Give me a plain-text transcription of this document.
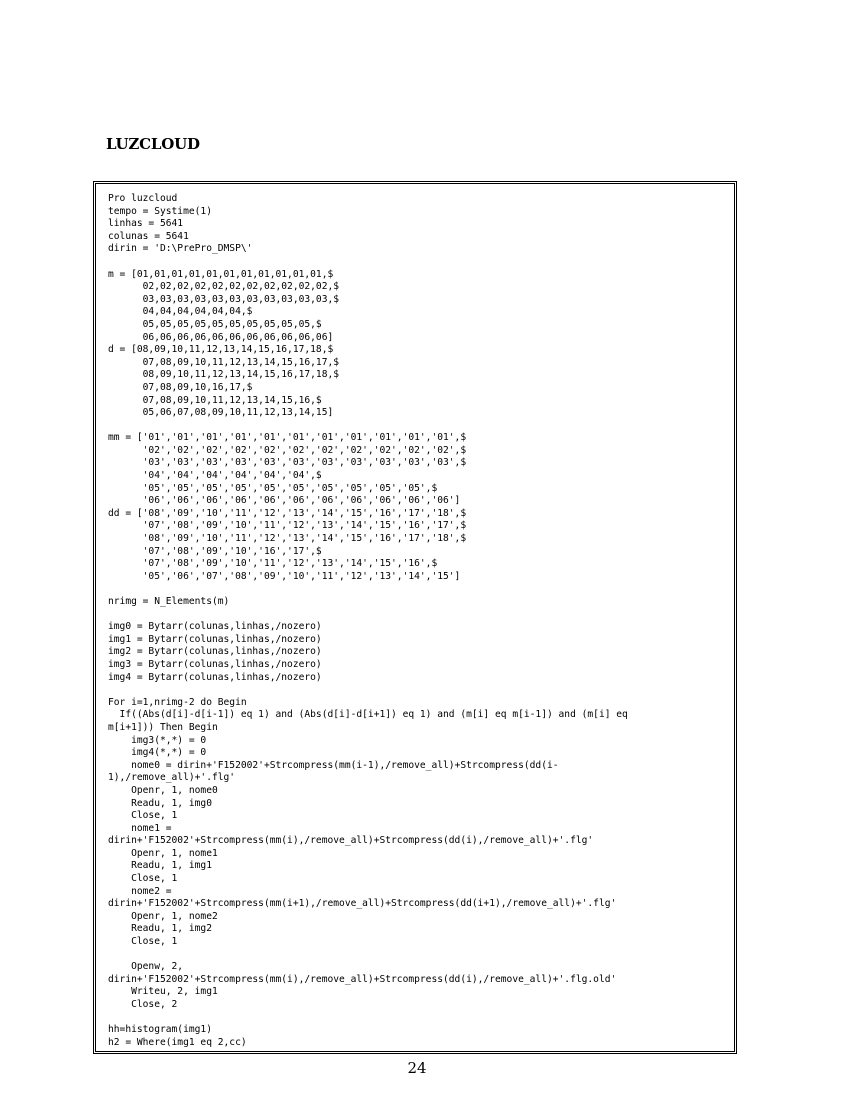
LUZCLOUD
Pro luzcloud
tempo = Systime(1)
linhas = 5641
colunas = 5641
dirin = 'D:\PrePro_DMSP\'
m = [01,01,01,01,01,01,01,01,01,01,01,$
02,02,02,02,02,02,02,02,02,02,02,$
03,03,03,03,03,03,03,03,03,03,03,$
04,04,04,04,04,04,$
05,05,05,05,05,05,05,05,05,05,$
06,06,06,06,06,06,06,06,06,06,06]
d = [08,09,10,11,12,13,14,15,16,17,18,$
07,08,09,10,11,12,13,14,15,16,17,$
08,09,10,11,12,13,14,15,16,17,18,$
07,08,09,10,16,17,$
07,08,09,10,11,12,13,14,15,16,$
05,06,07,08,09,10,11,12,13,14,15]
mm = ['01','01','01','01','01','01','01','01','01','01','01',$
'02','02','02','02','02','02','02','02','02','02','02',$
'03','03','03','03','03','03','03','03','03','03','03',$
'04','04','04','04','04','04',$
'05','05','05','05','05','05','05','05','05','05',$
'06','06','06','06','06','06','06','06','06','06','06']
dd = ['08','09','10','11','12','13','14','15','16','17','18',$
'07','08','09','10','11','12','13','14','15','16','17',$
'08','09','10','11','12','13','14','15','16','17','18',$
'07','08','09','10','16','17',$
'07','08','09','10','11','12','13','14','15','16',$
'05','06','07','08','09','10','11','12','13','14','15']
nrimg = N_Elements(m)
img0 = Bytarr(colunas,linhas,/nozero)
img1 = Bytarr(colunas,linhas,/nozero)
img2 = Bytarr(colunas,linhas,/nozero)
img3 = Bytarr(colunas,linhas,/nozero)
img4 = Bytarr(colunas,linhas,/nozero)
For i=1,nrimg-2 do Begin
If((Abs(d[i]-d[i-1]) eq 1) and (Abs(d[i]-d[i+1]) eq 1) and (m[i] eq m[i-1]) and (m[i] eq
m[i+1])) Then Begin
img3(*,*) = 0
img4(*,*) = 0
nome0 = dirin+'F152002'+Strcompress(mm(i-1),/remove_all)+Strcompress(dd(i-
1),/remove_all)+'.flg'
Openr, 1, nome0
Readu, 1, img0
Close, 1
nome1 =
dirin+'F152002'+Strcompress(mm(i),/remove_all)+Strcompress(dd(i),/remove_all)+'.flg'
Openr, 1, nome1
Readu, 1, img1
Close, 1
nome2 =
dirin+'F152002'+Strcompress(mm(i+1),/remove_all)+Strcompress(dd(i+1),/remove_all)+'.flg'
Openr, 1, nome2
Readu, 1, img2
Close, 1
Openw, 2,
dirin+'F152002'+Strcompress(mm(i),/remove_all)+Strcompress(dd(i),/remove_all)+'.flg.old'
Writeu, 2, img1
Close, 2
hh=histogram(img1)
h2 = Where(img1 eq 2,cc)

24
